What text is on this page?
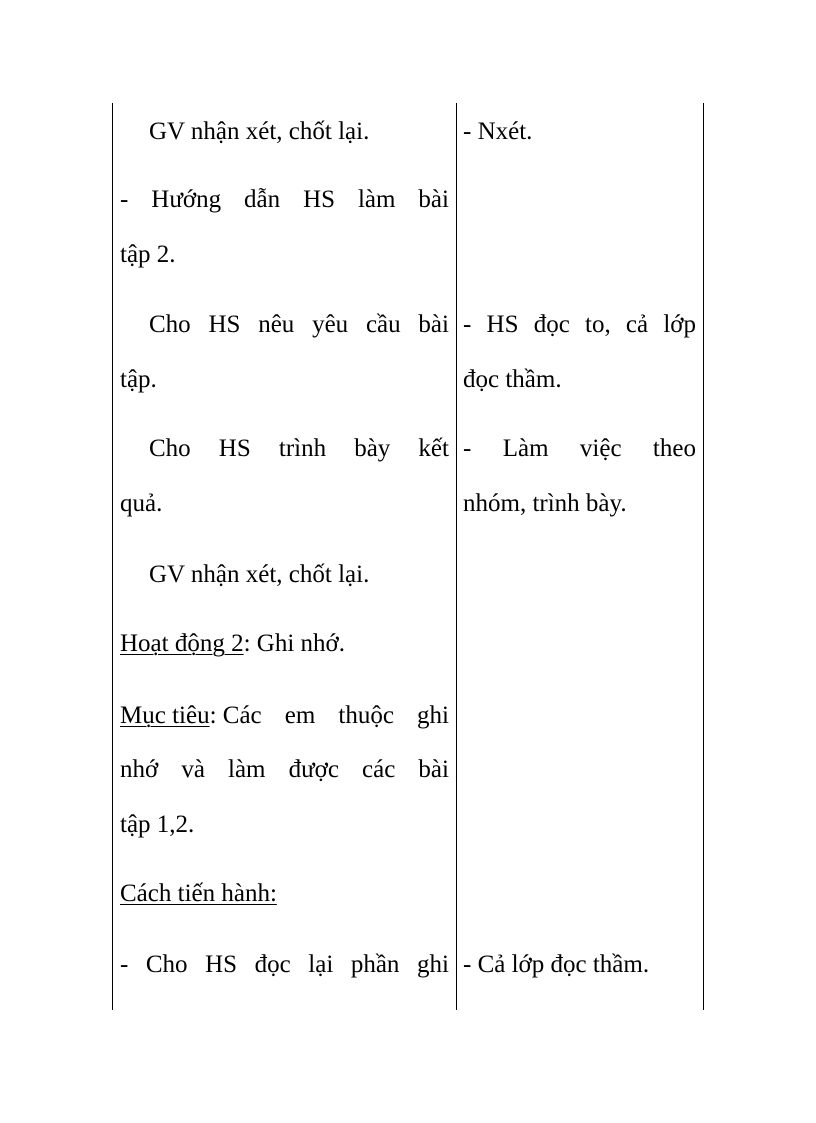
GV nhận xét, chốt lại.

- Hướng dẫn HS làm bài

tập 2.

Cho HS nêu yêu cầu bài

tập.

Cho HS trình bày kết

quả.

GV nhận xét, chốt lại.

Hoạt động 2: Ghi nhớ.

Mục tiêu: Các em thuộc ghi

nhớ và làm được các bài

tập 1,2.

Cách tiến hành:

- Cho HS đọc lại phần ghi

- Nxét.

- HS đọc to, cả lớp

đọc thầm.

- Làm việc theo

nhóm, trình bày.

- Cả lớp đọc thầm.
